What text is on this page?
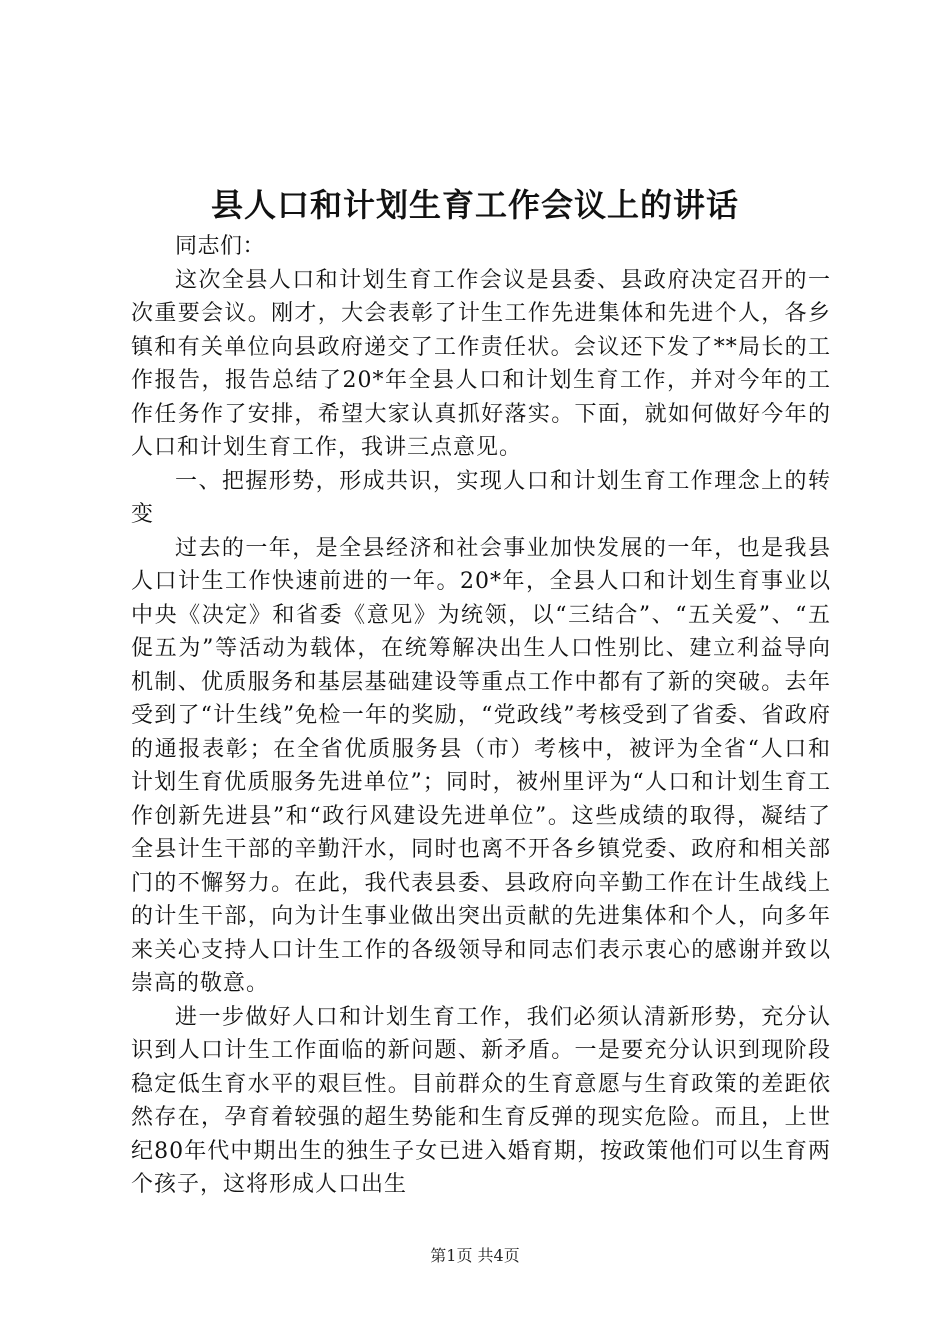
县人口和计划生育工作会议上的讲话

同志们：

这次全县人口和计划生育工作会议是县委、县政府决定召开的一次重要会议。刚才，大会表彰了计生工作先进集体和先进个人，各乡镇和有关单位向县政府递交了工作责任状。会议还下发了**局长的工作报告，报告总结了20*年全县人口和计划生育工作，并对今年的工作任务作了安排，希望大家认真抓好落实。下面，就如何做好今年的人口和计划生育工作，我讲三点意见。

一、把握形势，形成共识，实现人口和计划生育工作理念上的转变

过去的一年，是全县经济和社会事业加快发展的一年，也是我县人口计生工作快速前进的一年。20*年，全县人口和计划生育事业以中央《决定》和省委《意见》为统领，以“三结合”、“五关爱”、“五促五为”等活动为载体，在统筹解决出生人口性别比、建立利益导向机制、优质服务和基层基础建设等重点工作中都有了新的突破。去年受到了“计生线”免检一年的奖励，“党政线”考核受到了省委、省政府的通报表彰；在全省优质服务县（市）考核中，被评为全省“人口和计划生育优质服务先进单位”；同时，被州里评为“人口和计划生育工作创新先进县”和“政行风建设先进单位”。这些成绩的取得，凝结了全县计生干部的辛勤汗水，同时也离不开各乡镇党委、政府和相关部门的不懈努力。在此，我代表县委、县政府向辛勤工作在计生战线上的计生干部，向为计生事业做出突出贡献的先进集体和个人，向多年来关心支持人口计生工作的各级领导和同志们表示衷心的感谢并致以崇高的敬意。

进一步做好人口和计划生育工作，我们必须认清新形势，充分认识到人口计生工作面临的新问题、新矛盾。一是要充分认识到现阶段稳定低生育水平的艰巨性。目前群众的生育意愿与生育政策的差距依然存在，孕育着较强的超生势能和生育反弹的现实危险。而且，上世纪80年代中期出生的独生子女已进入婚育期，按政策他们可以生育两个孩子，这将形成人口出生

第1页 共4页
